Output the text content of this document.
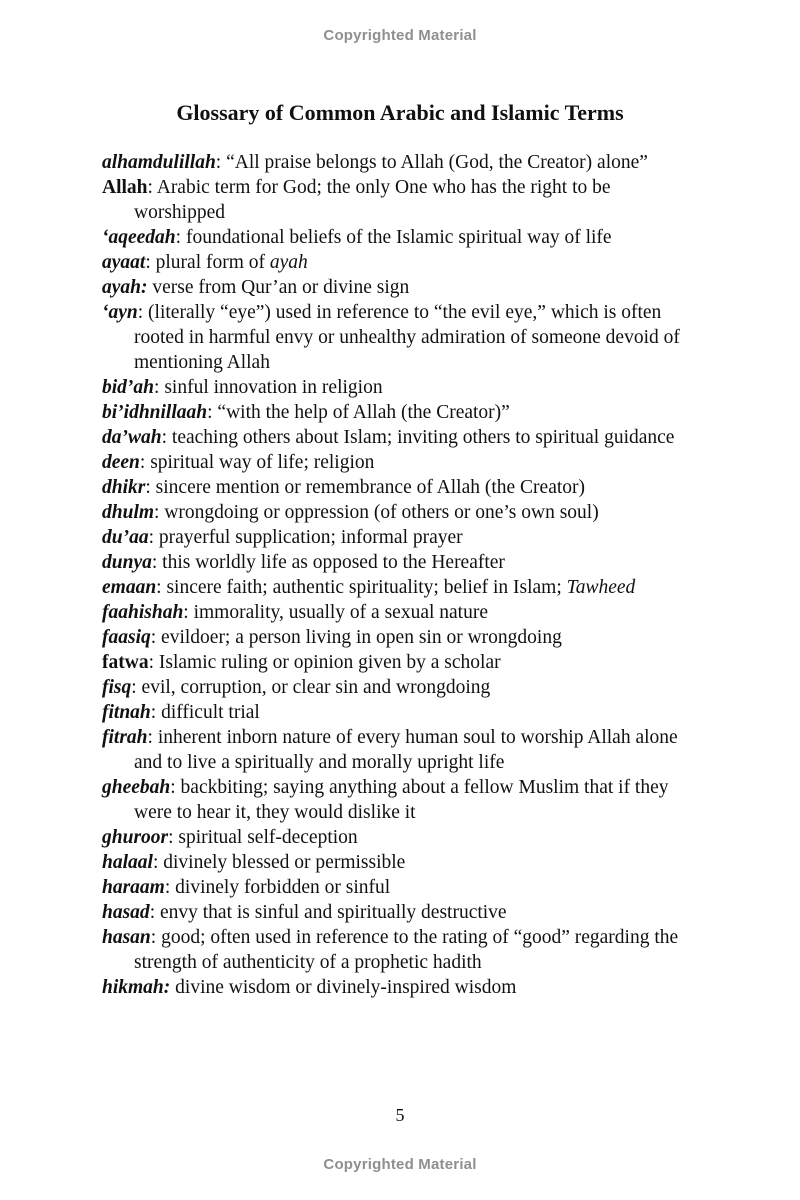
Copyrighted Material
Glossary of Common Arabic and Islamic Terms
alhamdulillah: “All praise belongs to Allah (God, the Creator) alone”
Allah: Arabic term for God; the only One who has the right to be worshipped
‘aqeedah: foundational beliefs of the Islamic spiritual way of life
ayaat: plural form of ayah
ayah: verse from Qur’an or divine sign
‘ayn: (literally “eye”) used in reference to “the evil eye,” which is often rooted in harmful envy or unhealthy admiration of someone devoid of mentioning Allah
bid’ah: sinful innovation in religion
bi’idhnillaah: “with the help of Allah (the Creator)”
da’wah: teaching others about Islam; inviting others to spiritual guidance
deen: spiritual way of life; religion
dhikr: sincere mention or remembrance of Allah (the Creator)
dhulm: wrongdoing or oppression (of others or one’s own soul)
du’aa: prayerful supplication; informal prayer
dunya: this worldly life as opposed to the Hereafter
emaan: sincere faith; authentic spirituality; belief in Islam; Tawheed
faahishah: immorality, usually of a sexual nature
faasiq: evildoer; a person living in open sin or wrongdoing
fatwa: Islamic ruling or opinion given by a scholar
fisq: evil, corruption, or clear sin and wrongdoing
fitnah: difficult trial
fitrah: inherent inborn nature of every human soul to worship Allah alone and to live a spiritually and morally upright life
gheebah: backbiting; saying anything about a fellow Muslim that if they were to hear it, they would dislike it
ghuroor: spiritual self-deception
halaal: divinely blessed or permissible
haraam: divinely forbidden or sinful
hasad: envy that is sinful and spiritually destructive
hasan: good; often used in reference to the rating of “good” regarding the strength of authenticity of a prophetic hadith
hikmah: divine wisdom or divinely-inspired wisdom
5
Copyrighted Material
